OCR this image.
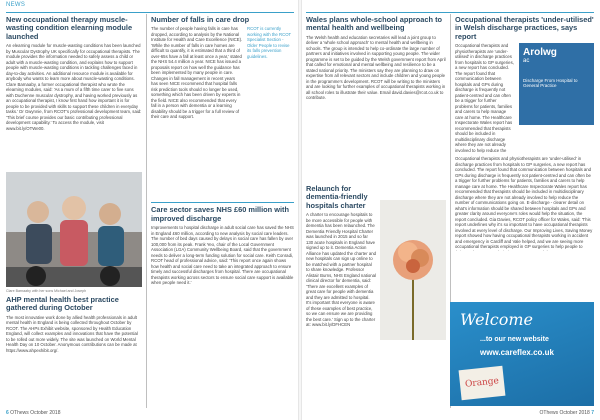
NEWS
New occupational therapy muscle-wasting condition elearning module launched
An elearning module for muscle-wasting conditions has been launched by Muscular Dystrophy UK specifically for occupational therapists. The module provides the information needed to safely assess a child or adult with a muscle-wasting condition, and explains how to support people with muscle-wasting conditions in tackling challenges faced in day-to-day activities. An additional resource module is available for anybody who wants to learn more about muscle-wasting conditions. Clare Barnaaby, a former occupational therapist who wrote the elearning modules, said: 'As a mum of a fifth time carer to five sons with Duchenne muscular dystrophy, and having worked previously as an occupational therapist, I know first hand how important it is for people to be provided with skills to support these children in everyday tasks.' Dr Gwynnie, from RCOT's professional development team, said: 'This brief course provides our basic contributing professional development capability.' To access the module, visit www.bit.ly/OTWe00.
Clare Barnaaby with her sons Michael and Joseph
AHP mental health best practice gathered during October
The most innovative work done by allied health professionals in adult mental health in England is being collected throughout October by RCOT. The AHPs Exhibit website, sponsored by Health Education England, will collect examples and innovations that have the potential to be rolled out more widely. The site was launched on World Mental Health Day on 10 October. Anonymous contributions can be made at https://www.ahpexhibit.org/.
Number of falls in care drop
The number of people having falls in care has dropped, according to analysis by the National Institute for Health and Care Excellence (NICE). 'While the number of falls in care homes are difficult to quantify, it is estimated that a third of over-65s have a fall at least once a year,' stated the NHS 54.4 million a year. NICE has issued a proposals report on how well the guidance has been implemented by many people in care. Changes in fall management in recent years has seen NICE recommend that hospital falls risk prediction tools should no longer be used, something which has been driven by experts in the field. NICE also recommended that every fall in a person with dementia or a learning disability should be a trigger for a full review of their care and support.
RCOT is currently working with the RCOT Specialist Section - Older People to revise its falls prevention guidelines.
Care sector saves NHS £60 million with improved discharge
Improvements to hospital discharge in adult social care has saved the NHS in England £60 million, according to new analysis by social care leaders. The number of bed days caused by delays in social care has fallen by over 100,000 from its peak. Frank Yeo, chair of the Local Government Association (LGA) Community Wellbeing Board, said that the government needs to deliver a long-term funding solution for social care. Keith Conradi, RCOT head of professional advice, said: 'This report once again shows how health and social care need to take an integrated approach to ensure timely and successful discharges from hospital. There are occupational therapists working across sectors to ensure social care support is available when people need it.'
6 OThews October 2018
Wales plans whole-school approach to mental health and wellbeing
The Welsh health and education secretaries will lead a joint group to deliver a 'whole school approach' to mental health and wellbeing in schools. The group is intended to help co-ordinate the large number of partners and initiatives involved in supporting young people. The wider programme is set to be guided by the Welsh government report from April that called for emotional and mental wellbeing and resilience to be a stated national priority. The ministers say they are planning to draw on expertise from all relevant sectors and include children and young people in the programme's development. RCOT will be writing to the ministers and are looking for further examples of occupational therapists working in all school roles to illustrate their value. Email david.davies@rcot.co.uk to contribute.
Relaunch for dementia-friendly hospitals charter
A charter to encourage hospitals to be more accessible for people with dementia has been relaunched. The Dementia Friendly Hospital Charter was launched in 2015 and so far 130 acute hospitals in England have signed up to it. Dementia Action Alliance has updated the charter and new hospitals can sign up online to be matched with a partner hospital to share knowledge. Professor Alistair Burns, NHS England national clinical director for dementia, said: 'There are excellent examples of great care for people with dementia and they are admitted to hospital. It's important that everyone is aware of these examples of best practice, so we can ensure we are providing the best care.' Sign up to the charter at: www.bit.ly/DFHCEN
Occupational therapists 'under-utilised' in Welsh discharge practices, says report
Occupational therapists and physiotherapists are 'under-utilised' in discharge practices from hospitals to GP surgeries, a new report has concluded. The report found that communication between hospitals and GPs during discharge is frequently not patient-centred and can often be a trigger for further problems for patients, families and carers to help manage care at home. The Healthcare Inspectorate Wales report has recommended that therapists should be included in multidisciplinary discharge where they are not already involved to help reduce the
Arolwg
ac
Discharge From Hospital to General Practice
Occupational therapists and physiotherapists are 'under-utilised' in discharge practices from hospitals to GP surgeries, a new report has concluded. The report found that communication between hospitals and GPs during discharge is frequently not patient-centred and can often be a trigger for further problems for patients, families and carers to help manage care at home. The Healthcare Inspectorate Wales report has recommended that therapists should be included in multidisciplinary discharge where they are not already involved to help reduce the number of communications going on. E-discharge - clearer detail on what's information should be shared between hospitals and GPs and greater clarity around everyone's roles would help the situation, the report concluded. Gia Davies, RCOT policy officer for Wales, said: 'This report underlines why it's so important to have occupational therapists involved at every level of discharge. Our Improving Lives, Saving Money report showed how having occupational therapists working in accident and emergency in Cardiff and Vale helped, and we are seeing more occupational therapists employed in GP surgeries to help people to
Welcome
...to our new website
www.careflex.co.uk
Orange
OThews October 2018 7
